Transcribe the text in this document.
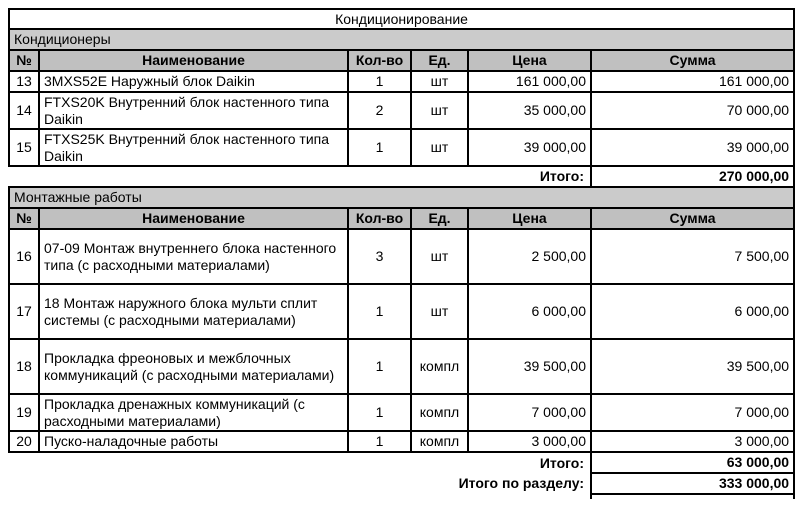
Кондиционирование					
Кондиционеры					
№	Наименование	Кол-во	Ед.	Цена	Сумма
13	3MXS52E Наружный блок Daikin	1	шт	161 000,00	161 000,00
14	FTXS20K Внутренний блок настенного типа Daikin	2	шт	35 000,00	70 000,00
15	FTXS25K Внутренний блок настенного типа Daikin	1	шт	39 000,00	39 000,00
Итого:					270 000,00
Монтажные работы					
№	Наименование	Кол-во	Ед.	Цена	Сумма
16	07-09 Монтаж внутреннего блока настенного типа (с расходными материалами)	3	шт	2 500,00	7 500,00
17	18 Монтаж наружного блока мульти сплит системы (с расходными материалами)	1	шт	6 000,00	6 000,00
18	Прокладка фреоновых и межблочных коммуникаций (с расходными материалами)	1	компл	39 500,00	39 500,00
19	Прокладка дренажных коммуникаций (с расходными материалами)	1	компл	7 000,00	7 000,00
20	Пуско-наладочные работы	1	компл	3 000,00	3 000,00
Итого:					63 000,00
Итого по разделу:					333 000,00
